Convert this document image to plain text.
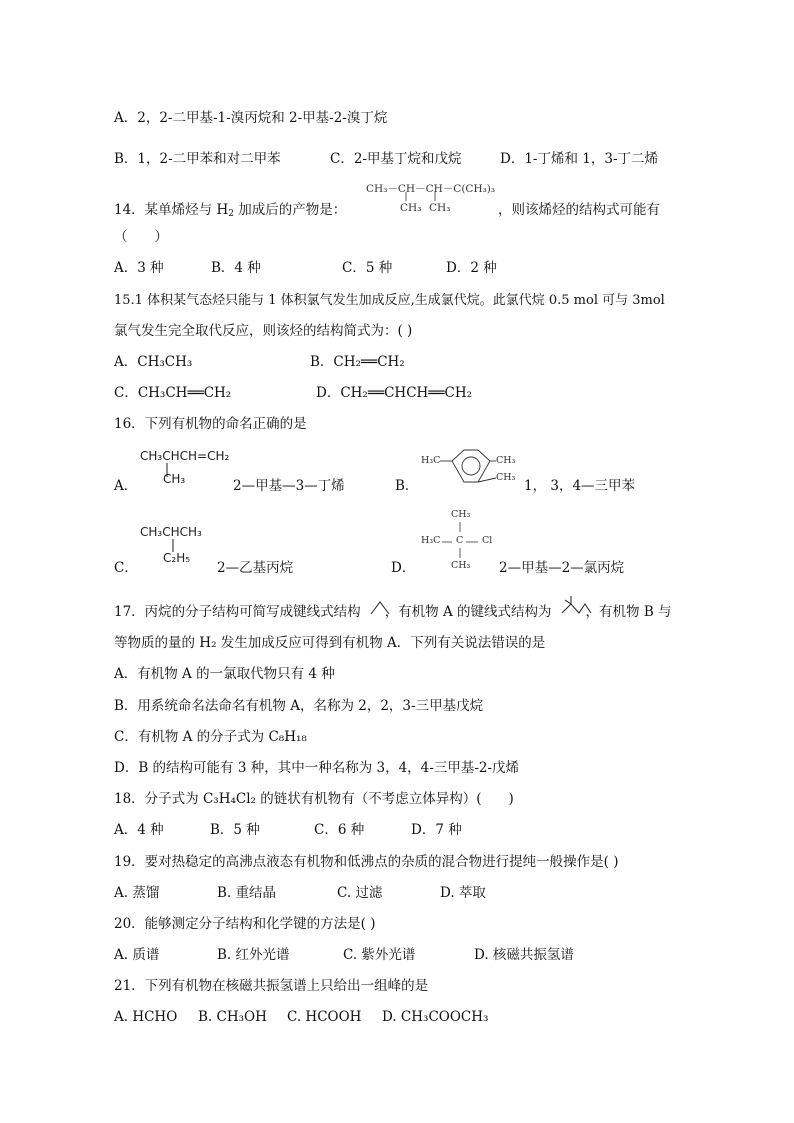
A．2，2-二甲基-1-溴丙烷和 2-甲基-2-溴丁烷
B．1，2-二甲苯和对二甲苯	C．2-甲基丁烷和戊烷	D．1-丁烯和 1，3-丁二烯
CH₃－CH－CH－C(CH₃)₃
CH₃ CH₃
14．某单烯烃与 $H_2$ 加成后的产物是：	，则该烯烃的结构式可能有
（　　）
A．3 种	B．4 种	C．5 种	D．2 种
15.1 体积某气态烃只能与 1 体积氯气发生加成反应,生成氯代烷。此氯代烷 0.5 mol 可与 3mol
氯气发生完全取代反应，则该烃的结构简式为：( )
A．CH₃CH₃	B．CH₂══CH₂
C．CH₃CH══CH₂	D．CH₂══CHCH══CH₂
16．下列有机物的命名正确的是
CH₃CHCH=CH₂
CH₃
A．	2—甲基—3—丁烯	B．
H₃C	CH₃
CH₃
1， 3，4—三甲苯
CH₃CHCH₃
C₂H₅
C．	2—乙基丙烷	D．
CH₃
H₃C C Cl
CH₃ 2—甲基—2—氯丙烷
17．丙烷的分子结构可简写成键线式结构 ，有机物 A 的键线式结构为	，有机物 B 与
等物质的量的 H₂ 发生加成反应可得到有机物 A．下列有关说法错误的是
A．有机物 A 的一氯取代物只有 4 种
B．用系统命名法命名有机物 A，名称为 2，2，3-三甲基戊烷
C．有机物 A 的分子式为 C₈H₁₈
D．B 的结构可能有 3 种，其中一种名称为 3，4，4-三甲基-2-戊烯
18．分子式为 C₃H₄Cl₂ 的链状有机物有（不考虑立体异构）(　　)
A．4 种	B．5 种	C．6 种	D．7 种
19．要对热稳定的高沸点液态有机物和低沸点的杂质的混合物进行提纯一般操作是( )
A. 蒸馏	B. 重结晶	C. 过滤	D. 萃取
20．能够测定分子结构和化学键的方法是( )
A. 质谱	B. 红外光谱	C. 紫外光谱	D. 核磁共振氢谱
21．下列有机物在核磁共振氢谱上只给出一组峰的是
A. HCHO B. CH₃OH C. HCOOH D. CH₃COOCH₃
